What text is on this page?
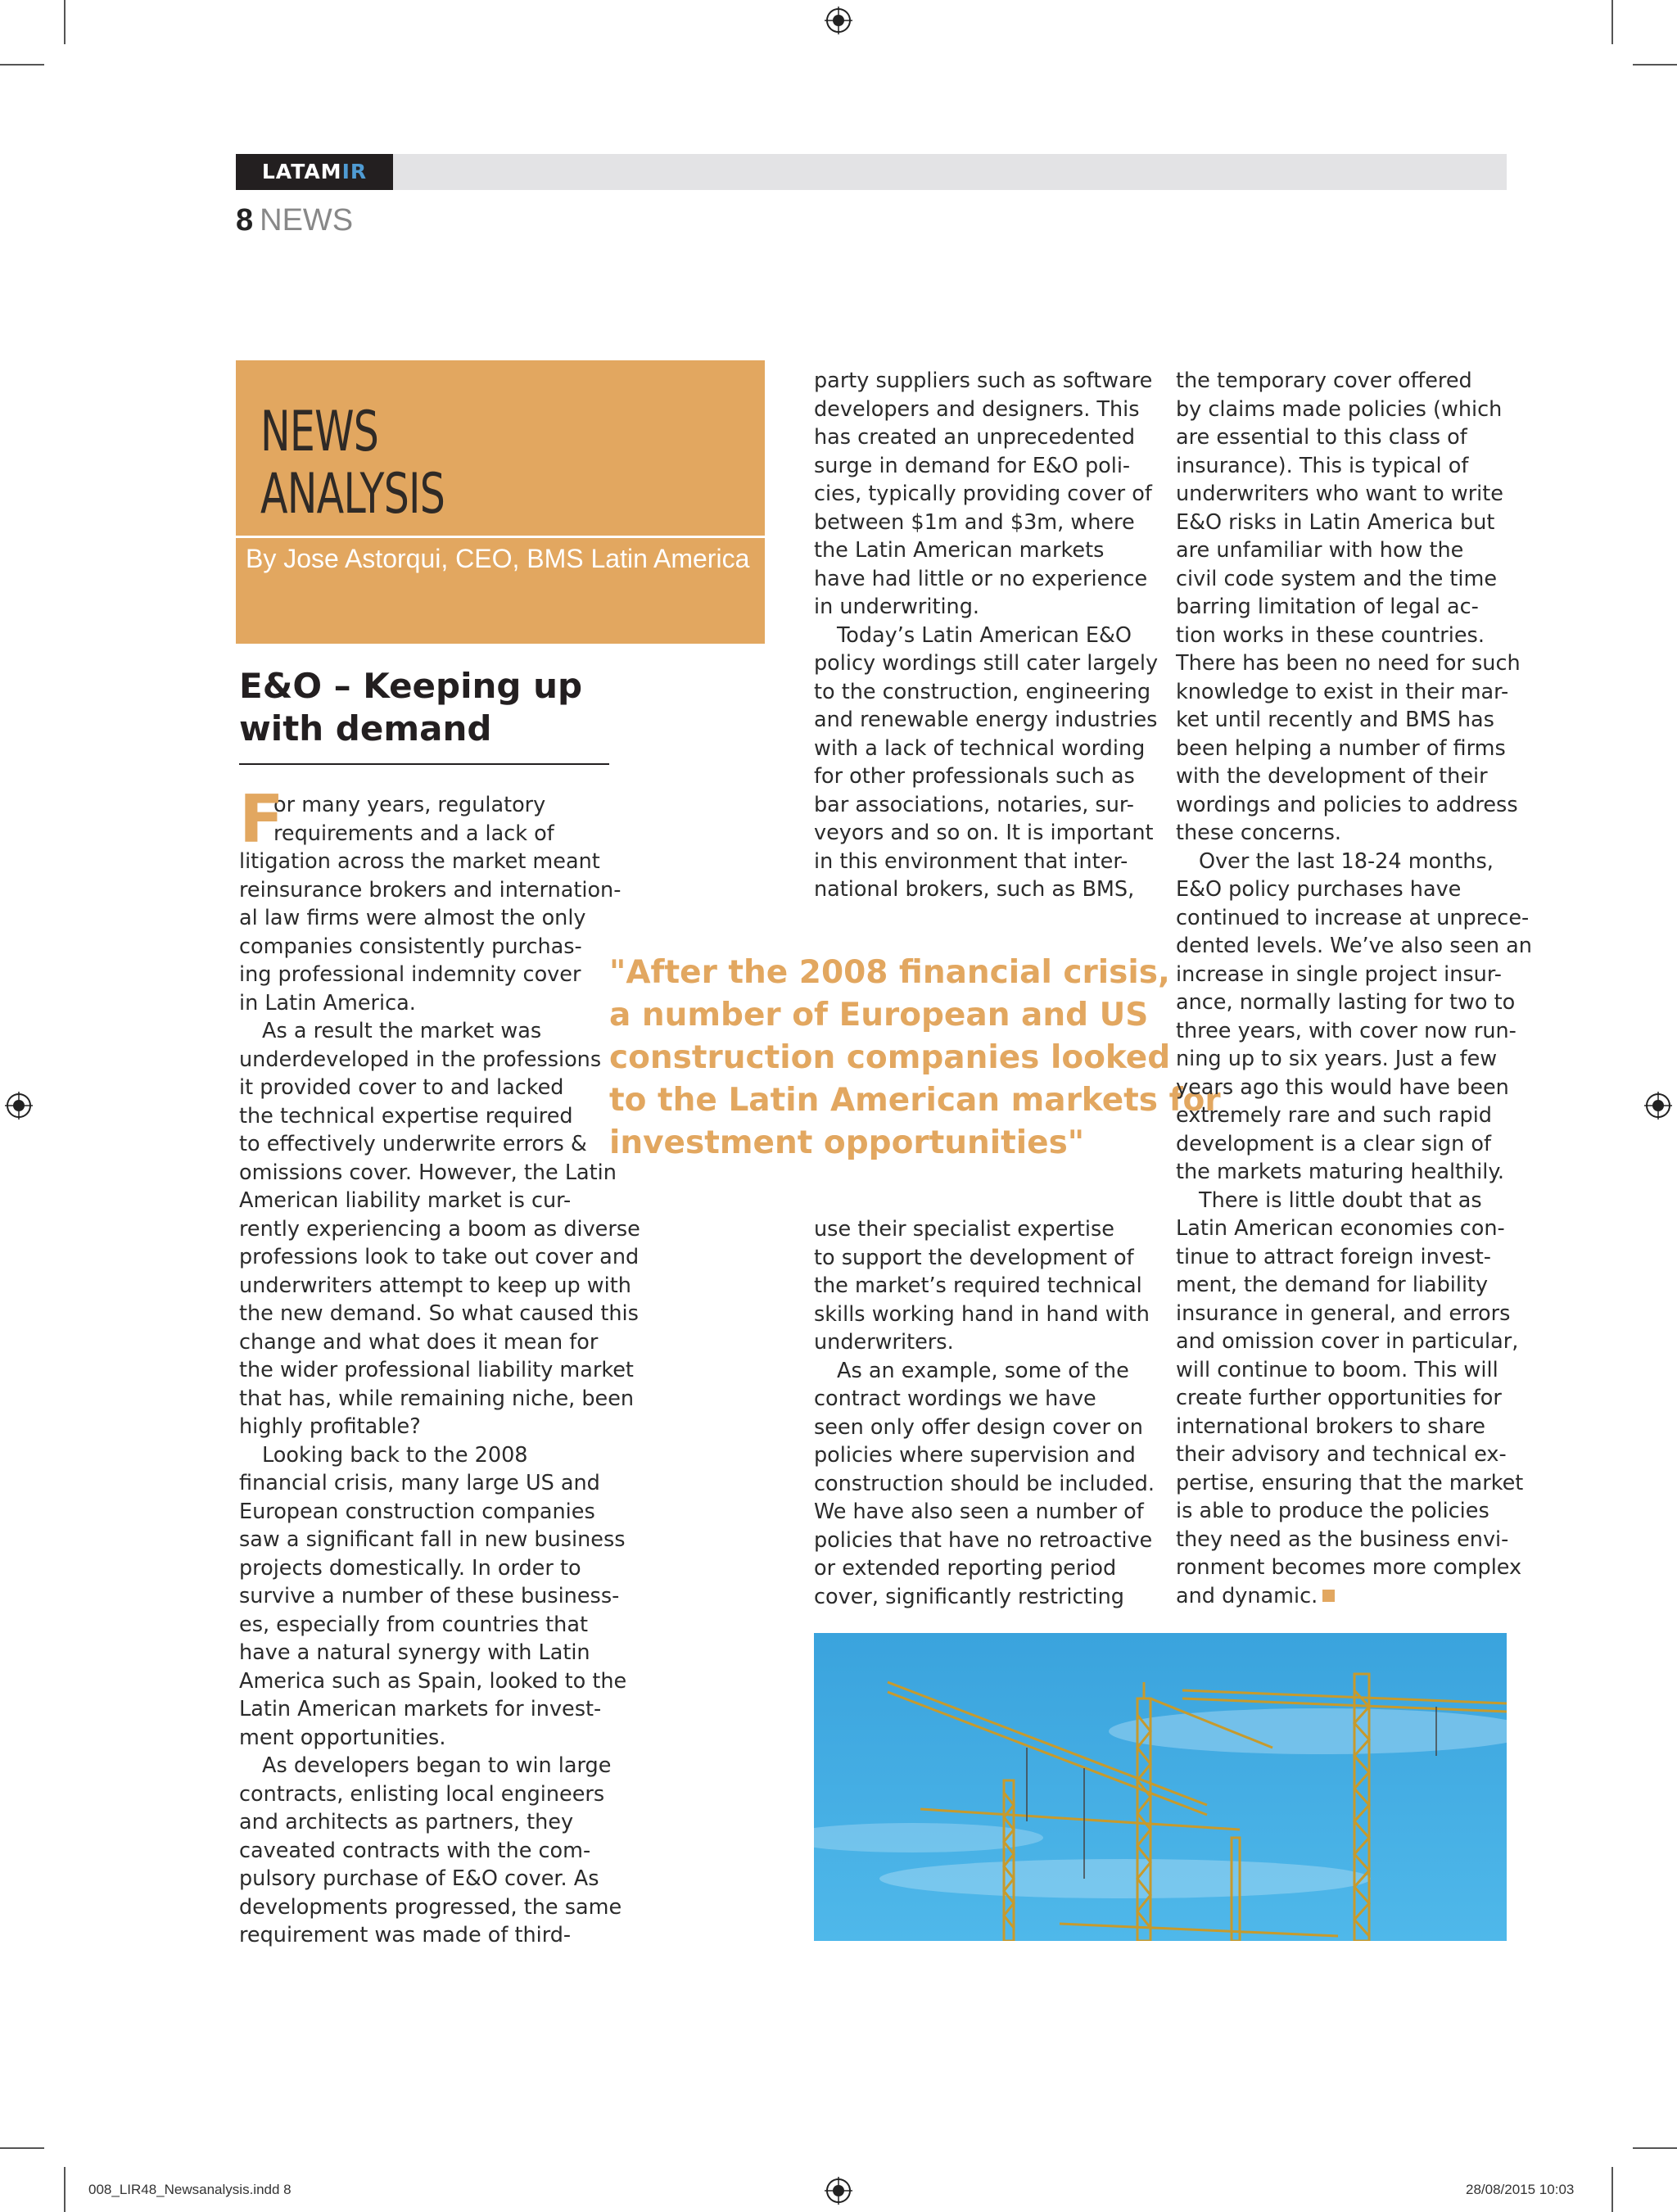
LATAMIR
8 NEWS
NEWS
ANALYSIS
By Jose Astorqui, CEO, BMS Latin America
E&O – Keeping up
with demand
F

or many years, regulatory

requirements and a lack of

litigation across the market meant

reinsurance brokers and internation-

al law firms were almost the only

companies consistently purchas-

ing professional indemnity cover

in Latin America.

As a result the market was

underdeveloped in the professions

it provided cover to and lacked

the technical expertise required

to effectively underwrite errors &

omissions cover. However, the Latin

American liability market is cur-

rently experiencing a boom as diverse

professions look to take out cover and

underwriters attempt to keep up with

the new demand. So what caused this

change and what does it mean for

the wider professional liability market

that has, while remaining niche, been

highly profitable?

Looking back to the 2008

financial crisis, many large US and

European construction companies

saw a significant fall in new business

projects domestically. In order to

survive a number of these business-

es, especially from countries that

have a natural synergy with Latin

America such as Spain, looked to the

Latin American markets for invest-

ment opportunities.

As developers began to win large

contracts, enlisting local engineers

and architects as partners, they

caveated contracts with the com-

pulsory purchase of E&O cover. As

developments progressed, the same

requirement was made of third-

party suppliers such as software

developers and designers. This

has created an unprecedented

surge in demand for E&O poli-

cies, typically providing cover of

between $1m and $3m, where

the Latin American markets

have had little or no experience

in underwriting.

Today’s Latin American E&O

policy wordings still cater largely

to the construction, engineering

and renewable energy industries

with a lack of technical wording

for other professionals such as

bar associations, notaries, sur-

veyors and so on. It is important

in this environment that inter-

national brokers, such as BMS,

"After the 2008 financial crisis,
a number of European and US
construction companies looked
to the Latin American markets for
investment opportunities"

use their specialist expertise

to support the development of

the market’s required technical

skills working hand in hand with

underwriters.

As an example, some of the

contract wordings we have

seen only offer design cover on

policies where supervision and

construction should be included.

We have also seen a number of

policies that have no retroactive

or extended reporting period

cover, significantly restricting

the temporary cover offered

by claims made policies (which

are essential to this class of

insurance). This is typical of

underwriters who want to write

E&O risks in Latin America but

are unfamiliar with how the

civil code system and the time

barring limitation of legal ac-

tion works in these countries.

There has been no need for such

knowledge to exist in their mar-

ket until recently and BMS has

been helping a number of firms

with the development of their

wordings and policies to address

these concerns.

Over the last 18-24 months,

E&O policy purchases have

continued to increase at unprece-

dented levels. We’ve also seen an

increase in single project insur-

ance, normally lasting for two to

three years, with cover now run-

ning up to six years. Just a few

years ago this would have been

extremely rare and such rapid

development is a clear sign of

the markets maturing healthily.

There is little doubt that as

Latin American economies con-

tinue to attract foreign invest-

ment, the demand for liability

insurance in general, and errors

and omission cover in particular,

will continue to boom. This will

create further opportunities for

international brokers to share

their advisory and technical ex-

pertise, ensuring that the market

is able to produce the policies

they need as the business envi-

ronment becomes more complex

and dynamic.

008_LIR48_Newsanalysis.indd 8	28/08/2015 10:03
